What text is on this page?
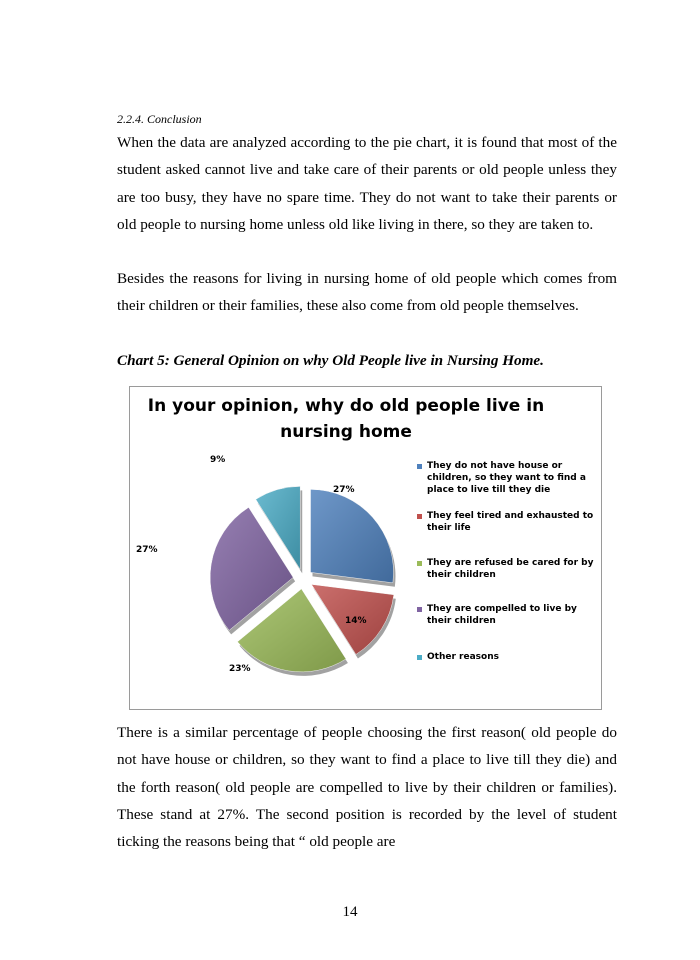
2.2.4. Conclusion

When the data are analyzed according to the pie chart, it is found that most of the student asked cannot live and take care of their parents or old people unless they are too busy, they have no spare time. They do not want to take their parents or old people to nursing home unless old like living in there, so they are taken to.

Besides the reasons for living in nursing home of old people which comes from their children or their families, these also come from old people themselves.

Chart 5: General Opinion on why Old People live in Nursing Home.
27%
14%
23%
27%
9%
In your opinion, why do old people live in nursing home
They do not have house or children, so they want to find a place to live till they die
They feel tired and exhausted to their life
They are refused be cared for by their children
They are compelled to live by their children
Other reasons

There is a similar percentage of people choosing the first reason( old people do not have house or children, so they want to find a place to live till they die) and the forth reason( old people are compelled to live by their children or families). These stand at 27%. The second position is recorded by the level of student ticking the reasons being that “ old people are

14
